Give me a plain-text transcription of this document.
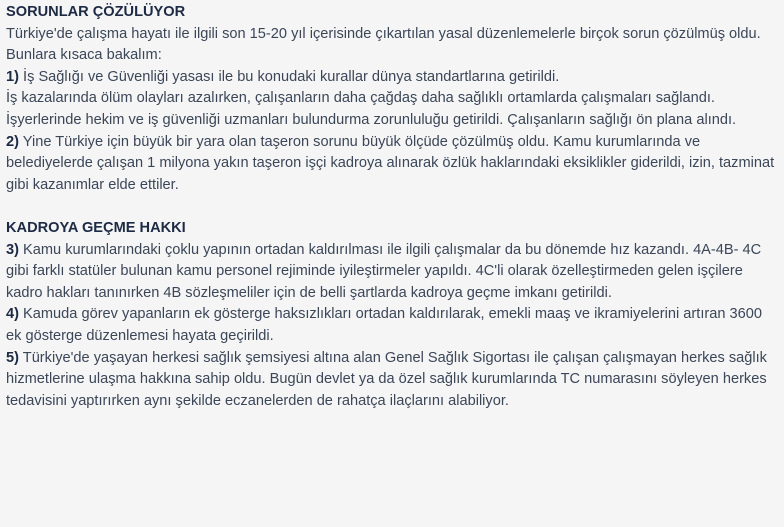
SORUNLAR ÇÖZÜLÜYOR

Türkiye'de çalışma hayatı ile ilgili son 15-20 yıl içerisinde çıkartılan yasal düzenlemelerle birçok sorun çözülmüş oldu.

Bunlara kısaca bakalım:

1) İş Sağlığı ve Güvenliği yasası ile bu konudaki kurallar dünya standartlarına getirildi.

İş kazalarında ölüm olayları azalırken, çalışanların daha çağdaş daha sağlıklı ortamlarda çalışmaları sağlandı.

İşyerlerinde hekim ve iş güvenliği uzmanları bulundurma zorunluluğu getirildi. Çalışanların sağlığı ön plana alındı.

2) Yine Türkiye için büyük bir yara olan taşeron sorunu büyük ölçüde çözülmüş oldu. Kamu kurumlarında ve belediyelerde çalışan 1 milyona yakın taşeron işçi kadroya alınarak özlük haklarındaki eksiklikler giderildi, izin, tazminat gibi kazanımlar elde ettiler.

KADROYA GEÇME HAKKI

3) Kamu kurumlarındaki çoklu yapının ortadan kaldırılması ile ilgili çalışmalar da bu dönemde hız kazandı. 4A-4B- 4C gibi farklı statüler bulunan kamu personel rejiminde iyileştirmeler yapıldı. 4C'li olarak özelleştirmeden gelen işçilere kadro hakları tanınırken 4B sözleşmeliler için de belli şartlarda kadroya geçme imkanı getirildi.

4) Kamuda görev yapanların ek gösterge haksızlıkları ortadan kaldırılarak, emekli maaş ve ikramiyelerini artıran 3600 ek gösterge düzenlemesi hayata geçirildi.

5) Türkiye'de yaşayan herkesi sağlık şemsiyesi altına alan Genel Sağlık Sigortası ile çalışan çalışmayan herkes sağlık hizmetlerine ulaşma hakkına sahip oldu. Bugün devlet ya da özel sağlık kurumlarında TC numarasını söyleyen herkes tedavisini yaptırırken aynı şekilde eczanelerden de rahatça ilaçlarını alabiliyor.
